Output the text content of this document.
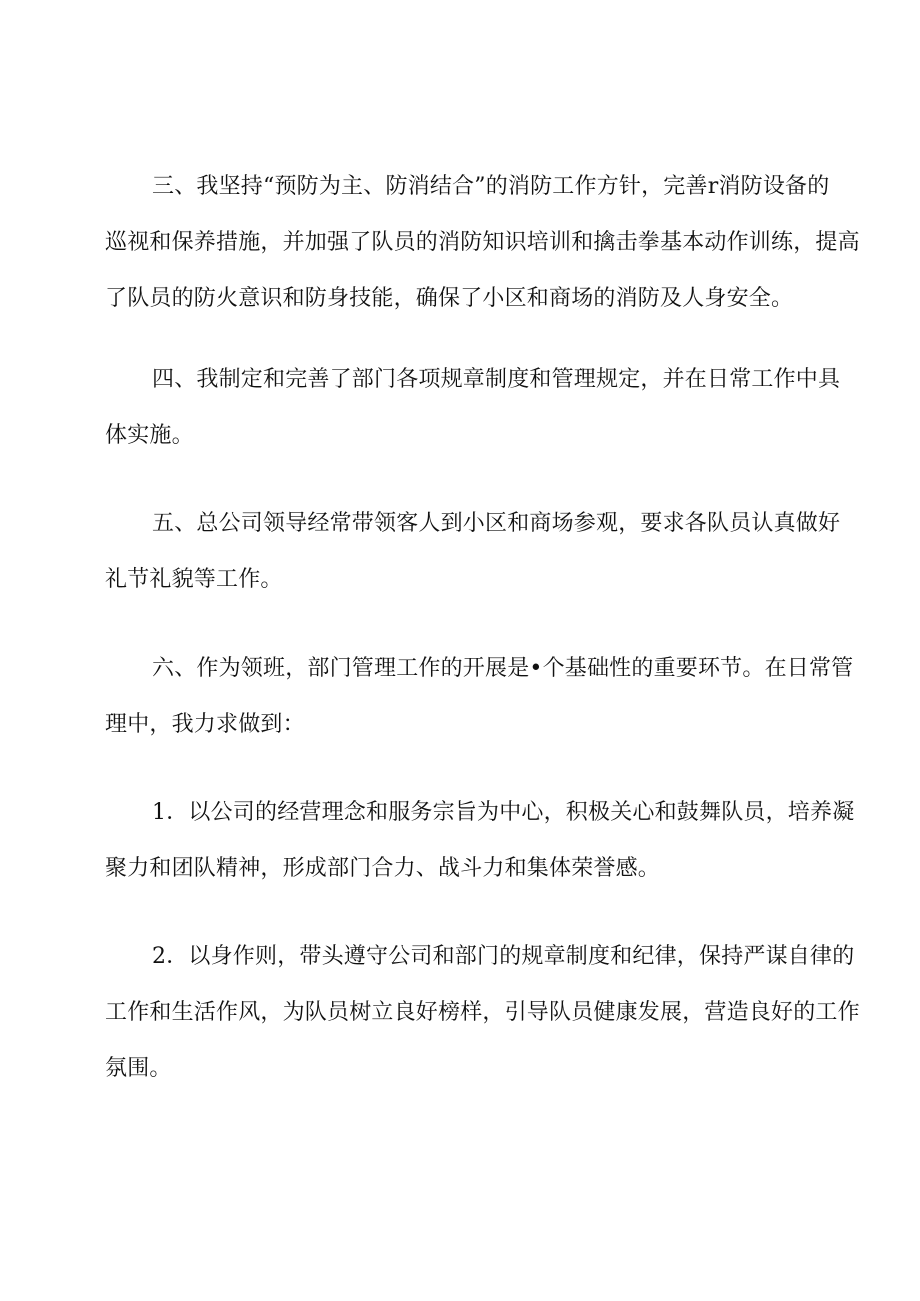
三、我坚持“预防为主、防消结合”的消防工作方针，完善r消防设备的
巡视和保养措施，并加强了队员的消防知识培训和擒击拳基本动作训练，提高
了队员的防火意识和防身技能，确保了小区和商场的消防及人身安全。

四、我制定和完善了部门各项规章制度和管理规定，并在日常工作中具
体实施。

五、总公司领导经常带领客人到小区和商场参观，要求各队员认真做好
礼节礼貌等工作。

六、作为领班，部门管理工作的开展是•个基础性的重要环节。在日常管
理中，我力求做到：

1．以公司的经营理念和服务宗旨为中心，积极关心和鼓舞队员，培养凝
聚力和团队精神，形成部门合力、战斗力和集体荣誉感。

2．以身作则，带头遵守公司和部门的规章制度和纪律，保持严谋自律的
工作和生活作风，为队员树立良好榜样，引导队员健康发展，营造良好的工作
氛围。
